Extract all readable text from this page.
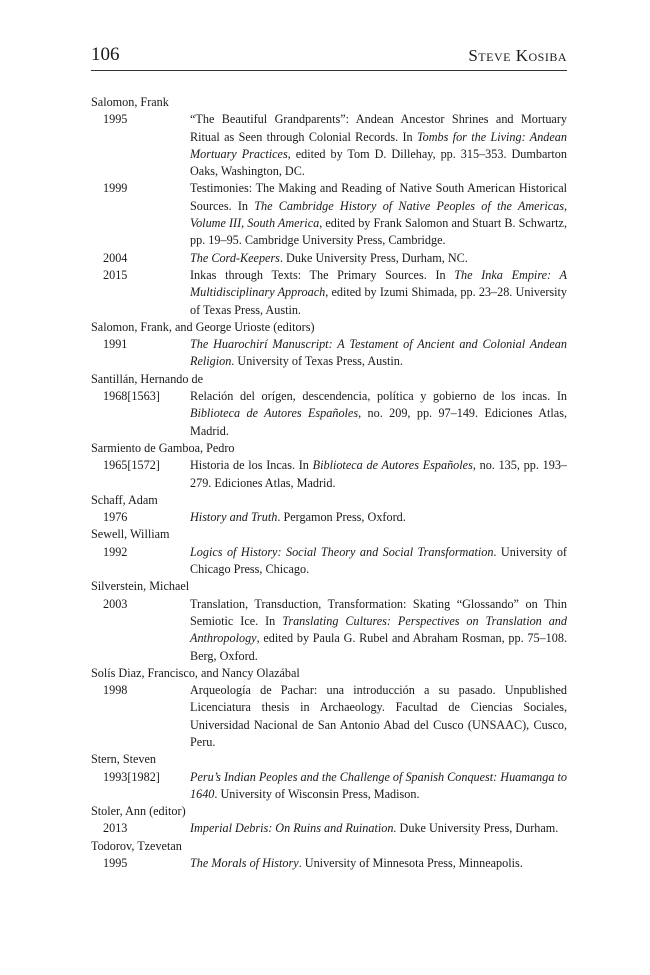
106	Steve Kosiba
Salomon, Frank
1995	“The Beautiful Grandparents”: Andean Ancestor Shrines and Mortuary Ritual as Seen through Colonial Records. In Tombs for the Living: Andean Mortuary Practices, edited by Tom D. Dillehay, pp. 315–353. Dumbarton Oaks, Washington, DC.
1999	Testimonies: The Making and Reading of Native South American Historical Sources. In The Cambridge History of Native Peoples of the Americas, Volume III, South America, edited by Frank Salomon and Stuart B. Schwartz, pp. 19–95. Cambridge University Press, Cambridge.
2004	The Cord-Keepers. Duke University Press, Durham, NC.
2015	Inkas through Texts: The Primary Sources. In The Inka Empire: A Multidisciplinary Approach, edited by Izumi Shimada, pp. 23–28. University of Texas Press, Austin.
Salomon, Frank, and George Urioste (editors)
1991	The Huarochirí Manuscript: A Testament of Ancient and Colonial Andean Religion. University of Texas Press, Austin.
Santillán, Hernando de
1968[1563]	Relación del orígen, descendencia, política y gobierno de los incas. In Biblioteca de Autores Españoles, no. 209, pp. 97–149. Ediciones Atlas, Madrid.
Sarmiento de Gamboa, Pedro
1965[1572]	Historia de los Incas. In Biblioteca de Autores Españoles, no. 135, pp. 193–279. Ediciones Atlas, Madrid.
Schaff, Adam
1976	History and Truth. Pergamon Press, Oxford.
Sewell, William
1992	Logics of History: Social Theory and Social Transformation. University of Chicago Press, Chicago.
Silverstein, Michael
2003	Translation, Transduction, Transformation: Skating “Glossando” on Thin Semiotic Ice. In Translating Cultures: Perspectives on Translation and Anthropology, edited by Paula G. Rubel and Abraham Rosman, pp. 75–108. Berg, Oxford.
Solís Diaz, Francisco, and Nancy Olazábal
1998	Arqueología de Pachar: una introducción a su pasado. Unpublished Licenciatura thesis in Archaeology. Facultad de Ciencias Sociales, Universidad Nacional de San Antonio Abad del Cusco (UNSAAC), Cusco, Peru.
Stern, Steven
1993[1982]	Peru’s Indian Peoples and the Challenge of Spanish Conquest: Huamanga to 1640. University of Wisconsin Press, Madison.
Stoler, Ann (editor)
2013	Imperial Debris: On Ruins and Ruination. Duke University Press, Durham.
Todorov, Tzevetan
1995	The Morals of History. University of Minnesota Press, Minneapolis.
